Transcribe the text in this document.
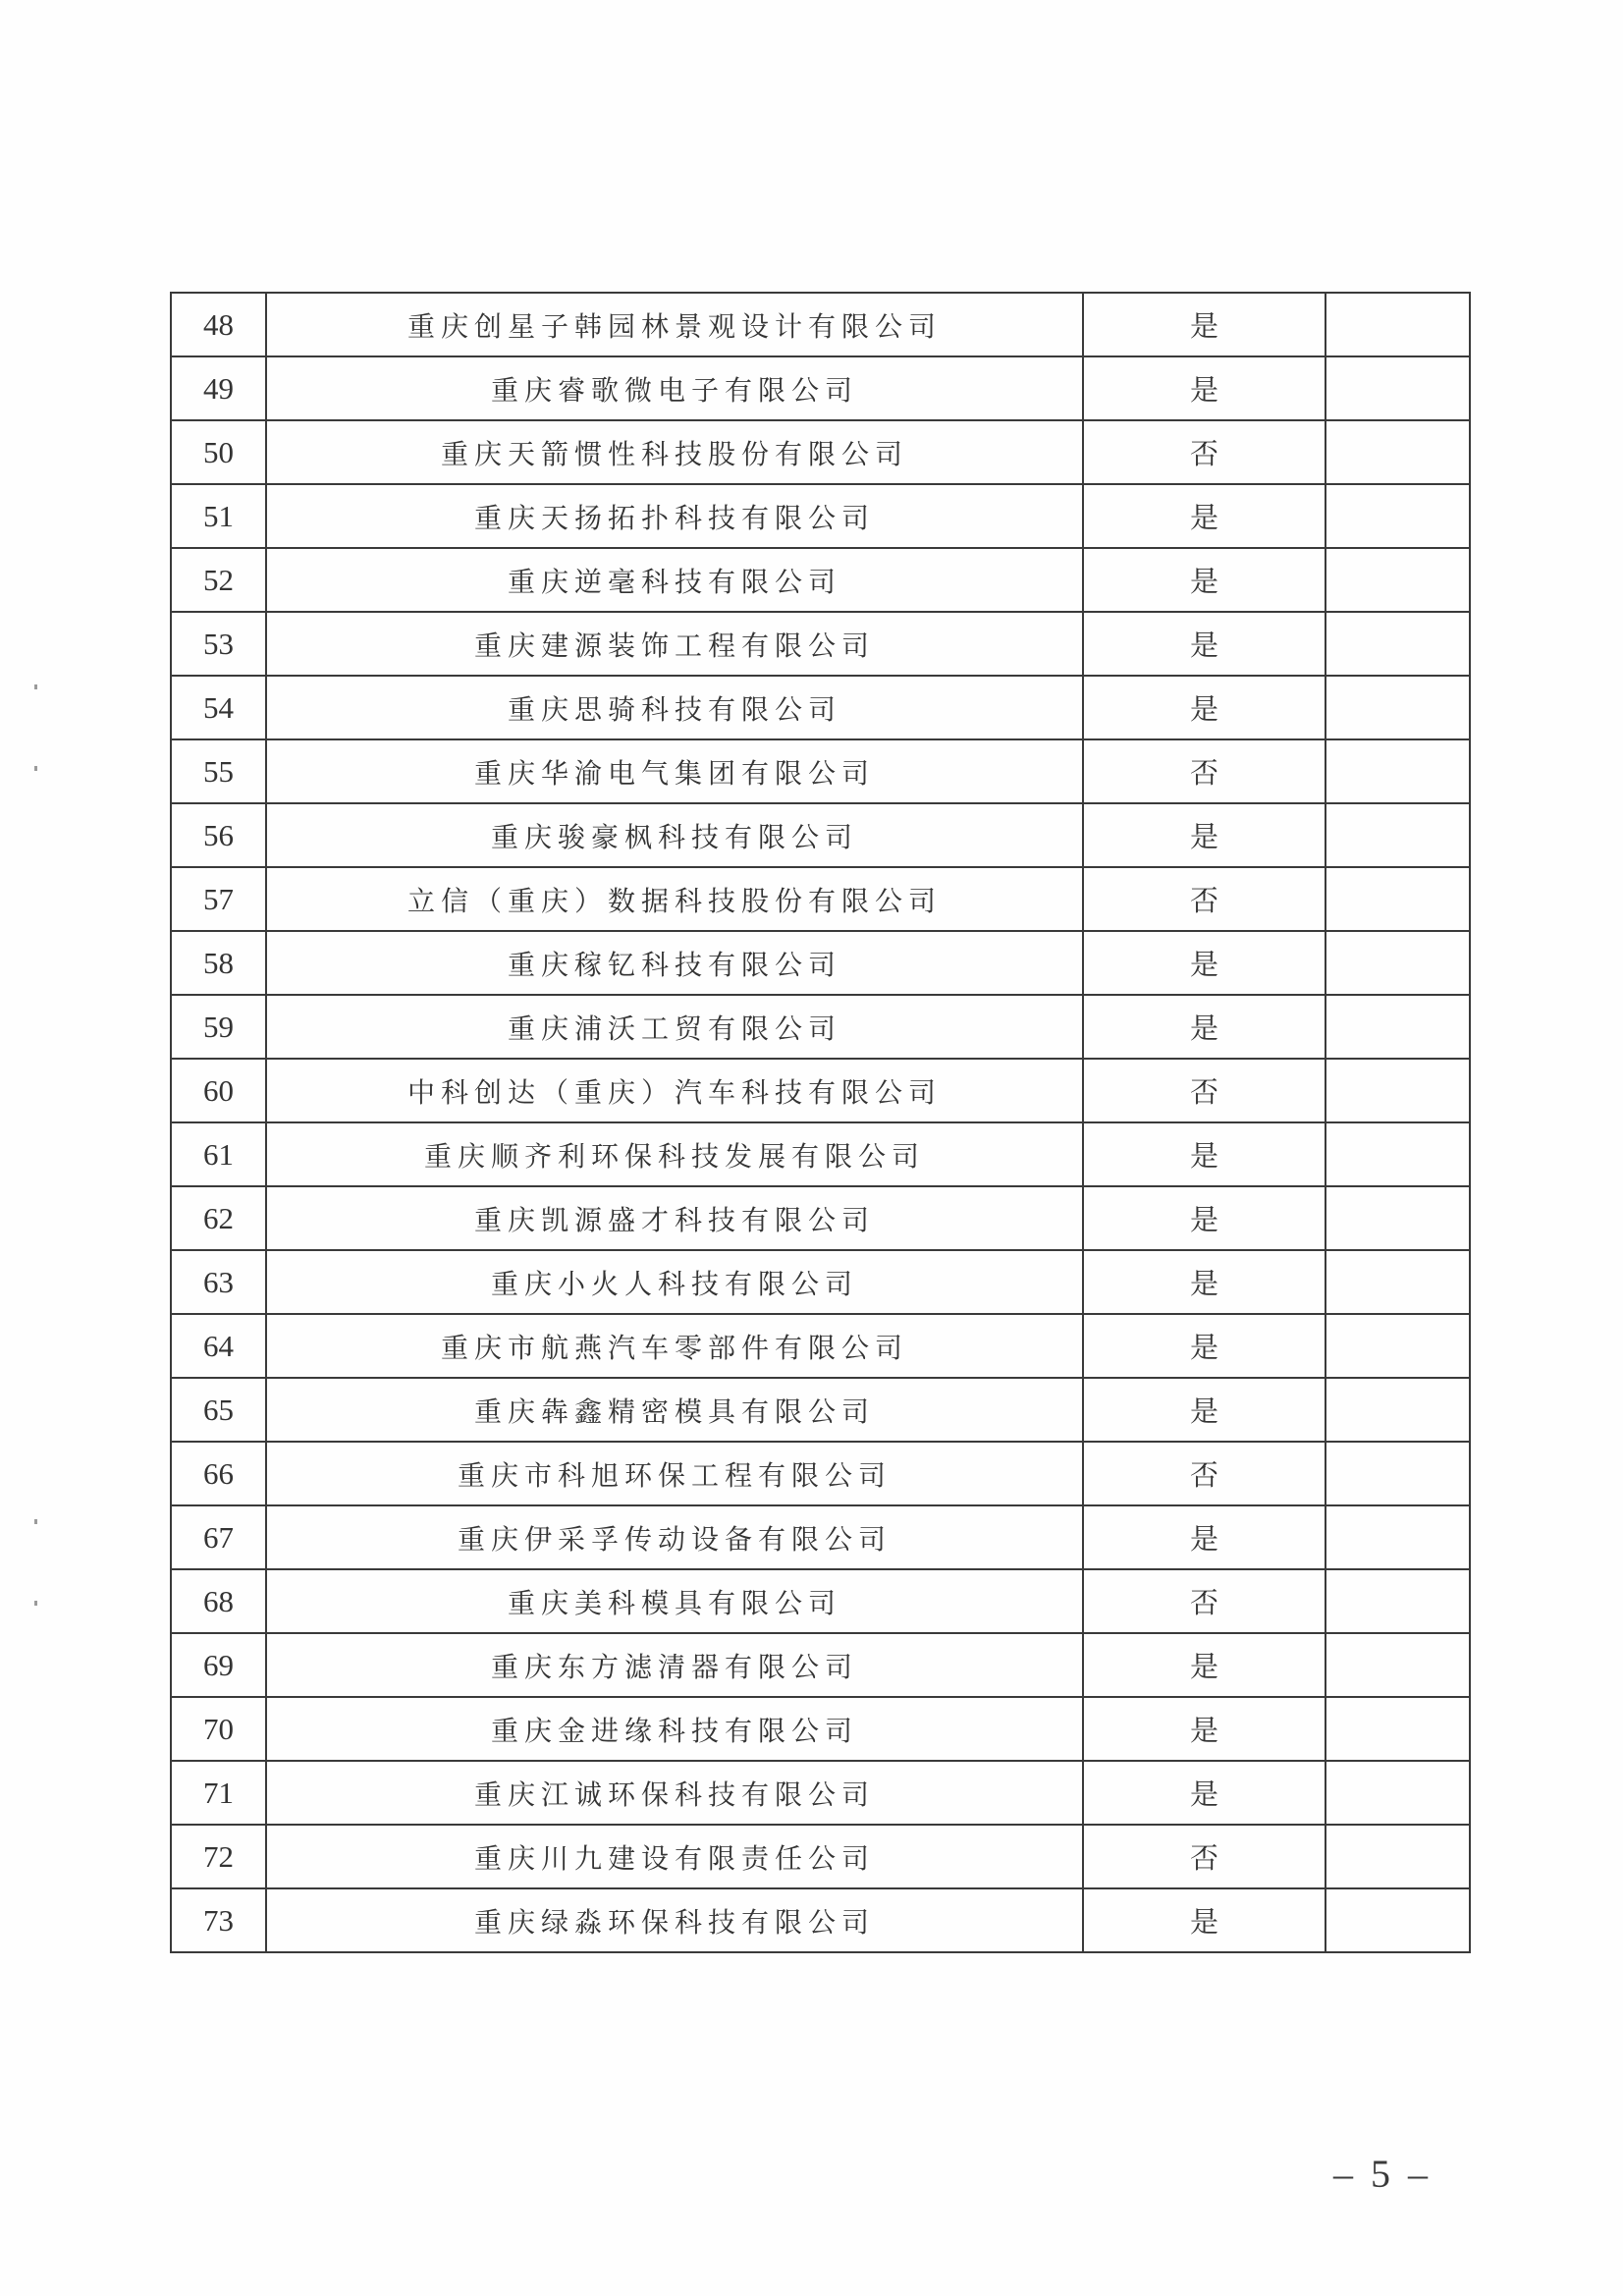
48	重庆创星子韩园林景观设计有限公司	是	
49	重庆睿歌微电子有限公司	是	
50	重庆天箭惯性科技股份有限公司	否	
51	重庆天扬拓扑科技有限公司	是	
52	重庆逆毫科技有限公司	是	
53	重庆建源装饰工程有限公司	是	
54	重庆思骑科技有限公司	是	
55	重庆华渝电气集团有限公司	否	
56	重庆骏豪枫科技有限公司	是	
57	立信（重庆）数据科技股份有限公司	否	
58	重庆稼钇科技有限公司	是	
59	重庆浦沃工贸有限公司	是	
60	中科创达（重庆）汽车科技有限公司	否	
61	重庆顺齐利环保科技发展有限公司	是	
62	重庆凯源盛才科技有限公司	是	
63	重庆小火人科技有限公司	是	
64	重庆市航燕汽车零部件有限公司	是	
65	重庆犇鑫精密模具有限公司	是	
66	重庆市科旭环保工程有限公司	否	
67	重庆伊采孚传动设备有限公司	是	
68	重庆美科模具有限公司	否	
69	重庆东方滤清器有限公司	是	
70	重庆金进缘科技有限公司	是	
71	重庆江诚环保科技有限公司	是	
72	重庆川九建设有限责任公司	否	
73	重庆绿淼环保科技有限公司	是	
– 5 –
